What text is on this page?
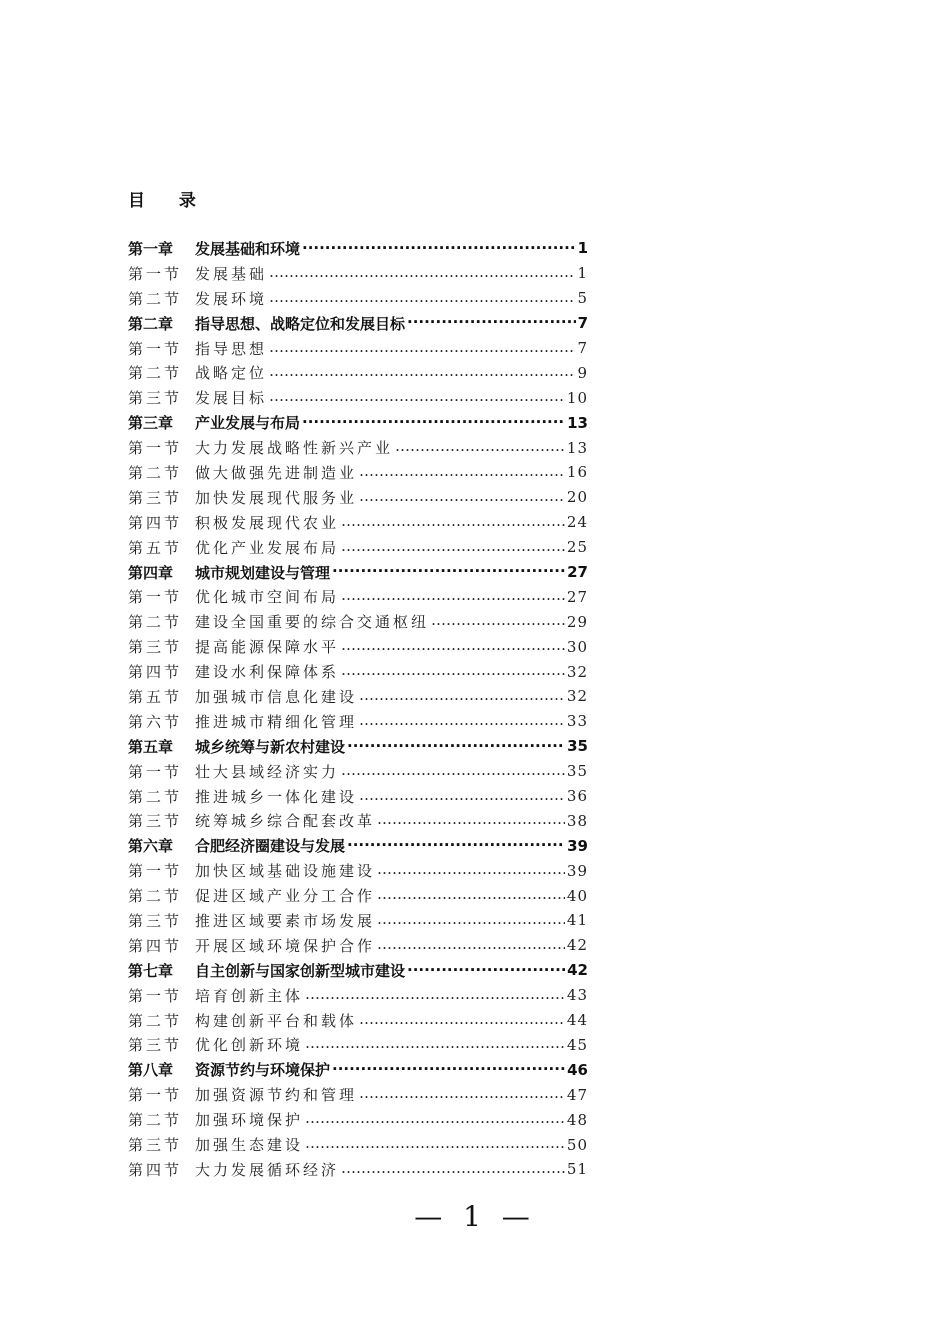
目 录
第一章	发展基础和环境 ·····	1
第一节 发展基础 …………………………………………………………………………………………………………………………………………	1
第二节 发展环境 …………………………………………………………………………………………………………………………………………	5
第二章	指导思想、战略定位和发展目标 ·····	7
第一节 指导思想 …………………………………………………………………………………………………………………………………………	7
第二节 战略定位 …………………………………………………………………………………………………………………………………………	9
第三节 发展目标 …………………………………………………………………………………………………………………………………………	10
第三章	产业发展与布局 ·····	13
第一节 大力发展战略性新兴产业 …………………………………………………………………………………………………………………………………………	13
第二节 做大做强先进制造业 …………………………………………………………………………………………………………………………………………	16
第三节 加快发展现代服务业 …………………………………………………………………………………………………………………………………………	20
第四节 积极发展现代农业 …………………………………………………………………………………………………………………………………………	24
第五节 优化产业发展布局 …………………………………………………………………………………………………………………………………………	25
第四章	城市规划建设与管理 ·····	27
第一节 优化城市空间布局 …………………………………………………………………………………………………………………………………………	27
第二节 建设全国重要的综合交通枢纽 …………………………………………………………………………………………………………………………………………	29
第三节 提高能源保障水平 …………………………………………………………………………………………………………………………………………	30
第四节 建设水利保障体系 …………………………………………………………………………………………………………………………………………	32
第五节 加强城市信息化建设 …………………………………………………………………………………………………………………………………………	32
第六节 推进城市精细化管理 …………………………………………………………………………………………………………………………………………	33
第五章	城乡统筹与新农村建设 ·····	35
第一节 壮大县域经济实力 …………………………………………………………………………………………………………………………………………	35
第二节 推进城乡一体化建设 …………………………………………………………………………………………………………………………………………	36
第三节 统筹城乡综合配套改革 …………………………………………………………………………………………………………………………………………	38
第六章	合肥经济圈建设与发展 ·····	39
第一节 加快区域基础设施建设 …………………………………………………………………………………………………………………………………………	39
第二节 促进区域产业分工合作 …………………………………………………………………………………………………………………………………………	40
第三节 推进区域要素市场发展 …………………………………………………………………………………………………………………………………………	41
第四节 开展区域环境保护合作 …………………………………………………………………………………………………………………………………………	42
第七章	自主创新与国家创新型城市建设 ·····	42
第一节 培育创新主体 …………………………………………………………………………………………………………………………………………	43
第二节 构建创新平台和载体 …………………………………………………………………………………………………………………………………………	44
第三节 优化创新环境 …………………………………………………………………………………………………………………………………………	45
第八章	资源节约与环境保护 ·····	46
第一节 加强资源节约和管理 …………………………………………………………………………………………………………………………………………	47
第二节 加强环境保护 …………………………………………………………………………………………………………………………………………	48
第三节 加强生态建设 …………………………………………………………………………………………………………………………………………	50
第四节 大力发展循环经济 …………………………………………………………………………………………………………………………………………	51
— 1 —
